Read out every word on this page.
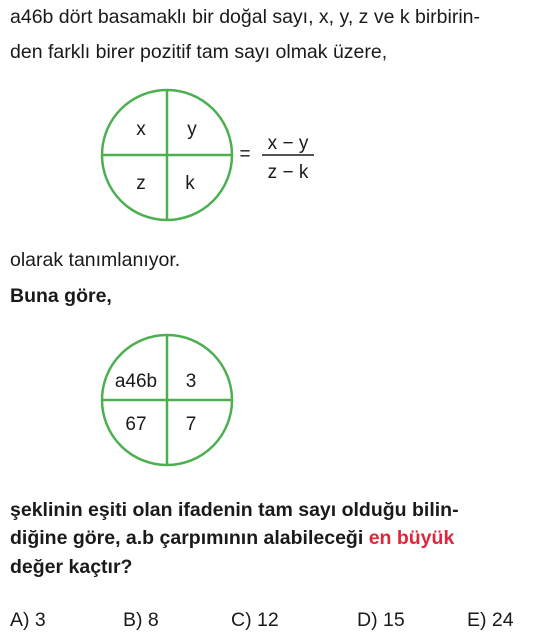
a46b dört basamaklı bir doğal sayı, x, y, z ve k birbirin-
den farklı birer pozitif tam sayı olmak üzere,
x y
z k
=
x − y
z − k
a46b 3
67 7
olarak tanımlanıyor.
Buna göre,
şeklinin eşiti olan ifadenin tam sayı olduğu bilin-
diğine göre, a.b çarpımının alabileceği en büyük
değer kaçtır?
A) 3	B) 8	C) 12	D) 15	E) 24
